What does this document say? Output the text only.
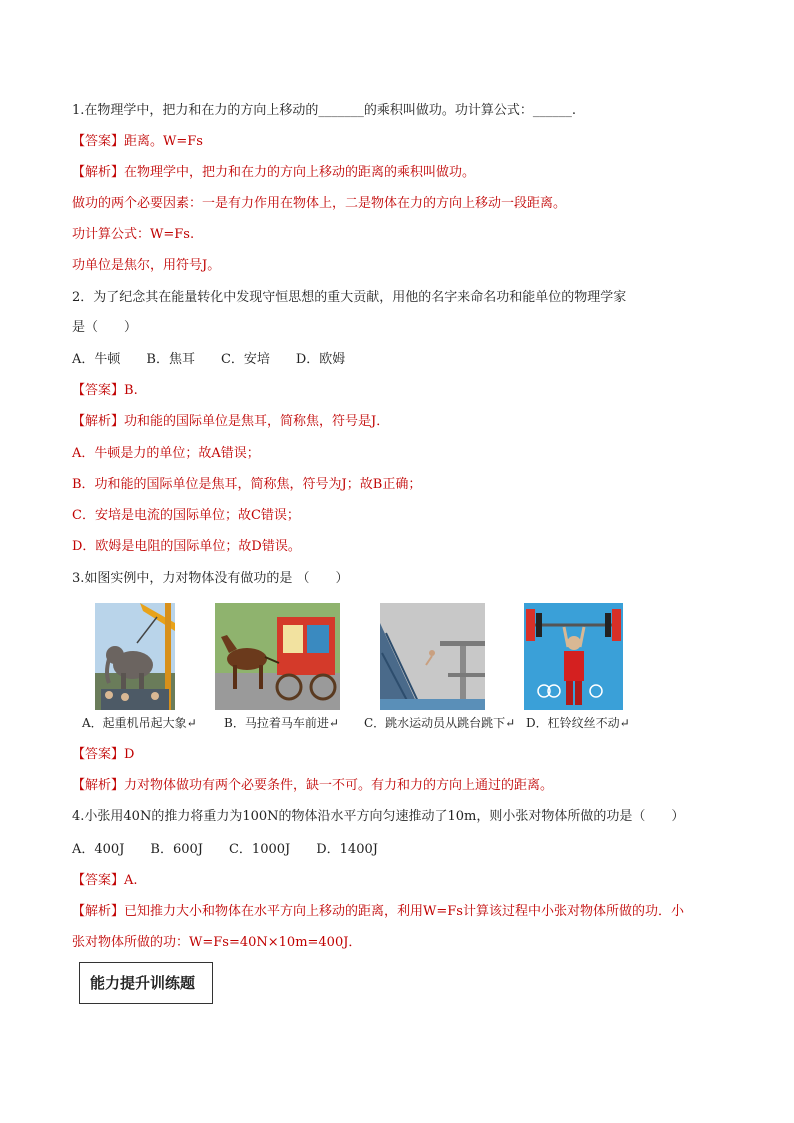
1.在物理学中，把力和在力的方向上移动的_______的乘积叫做功。功计算公式：______.
【答案】距离。W=Fs
【解析】在物理学中，把力和在力的方向上移动的距离的乘积叫做功。
做功的两个必要因素：一是有力作用在物体上，二是物体在力的方向上移动一段距离。
功计算公式：W=Fs.
功单位是焦尔，用符号J。
2．为了纪念其在能量转化中发现守恒思想的重大贡献，用他的名字来命名功和能单位的物理学家
是（　　）
A．牛顿　　B．焦耳　　C．安培　　D．欧姆
【答案】B.
【解析】功和能的国际单位是焦耳，简称焦，符号是J．
A．牛顿是力的单位；故A错误；
B．功和能的国际单位是焦耳，简称焦，符号为J；故B正确；
C．安培是电流的国际单位；故C错误；
D．欧姆是电阻的国际单位；故D错误。
3.如图实例中，力对物体没有做功的是 （　　）
A．起重机吊起大象↵ B．马拉着马车前进↵ C．跳水运动员从跳台跳下↵ D．杠铃纹丝不动↵
【答案】D
【解析】力对物体做功有两个必要条件，缺一不可。有力和力的方向上通过的距离。
4.小张用40N的推力将重力为100N的物体沿水平方向匀速推动了10m，则小张对物体所做的功是（　　）
A．400J　　B．600J　　C．1000J　　D．1400J
【答案】A.
【解析】已知推力大小和物体在水平方向上移动的距离，利用W=Fs计算该过程中小张对物体所做的功．小
张对物体所做的功：W=Fs=40N×10m=400J．
能力提升训练题
